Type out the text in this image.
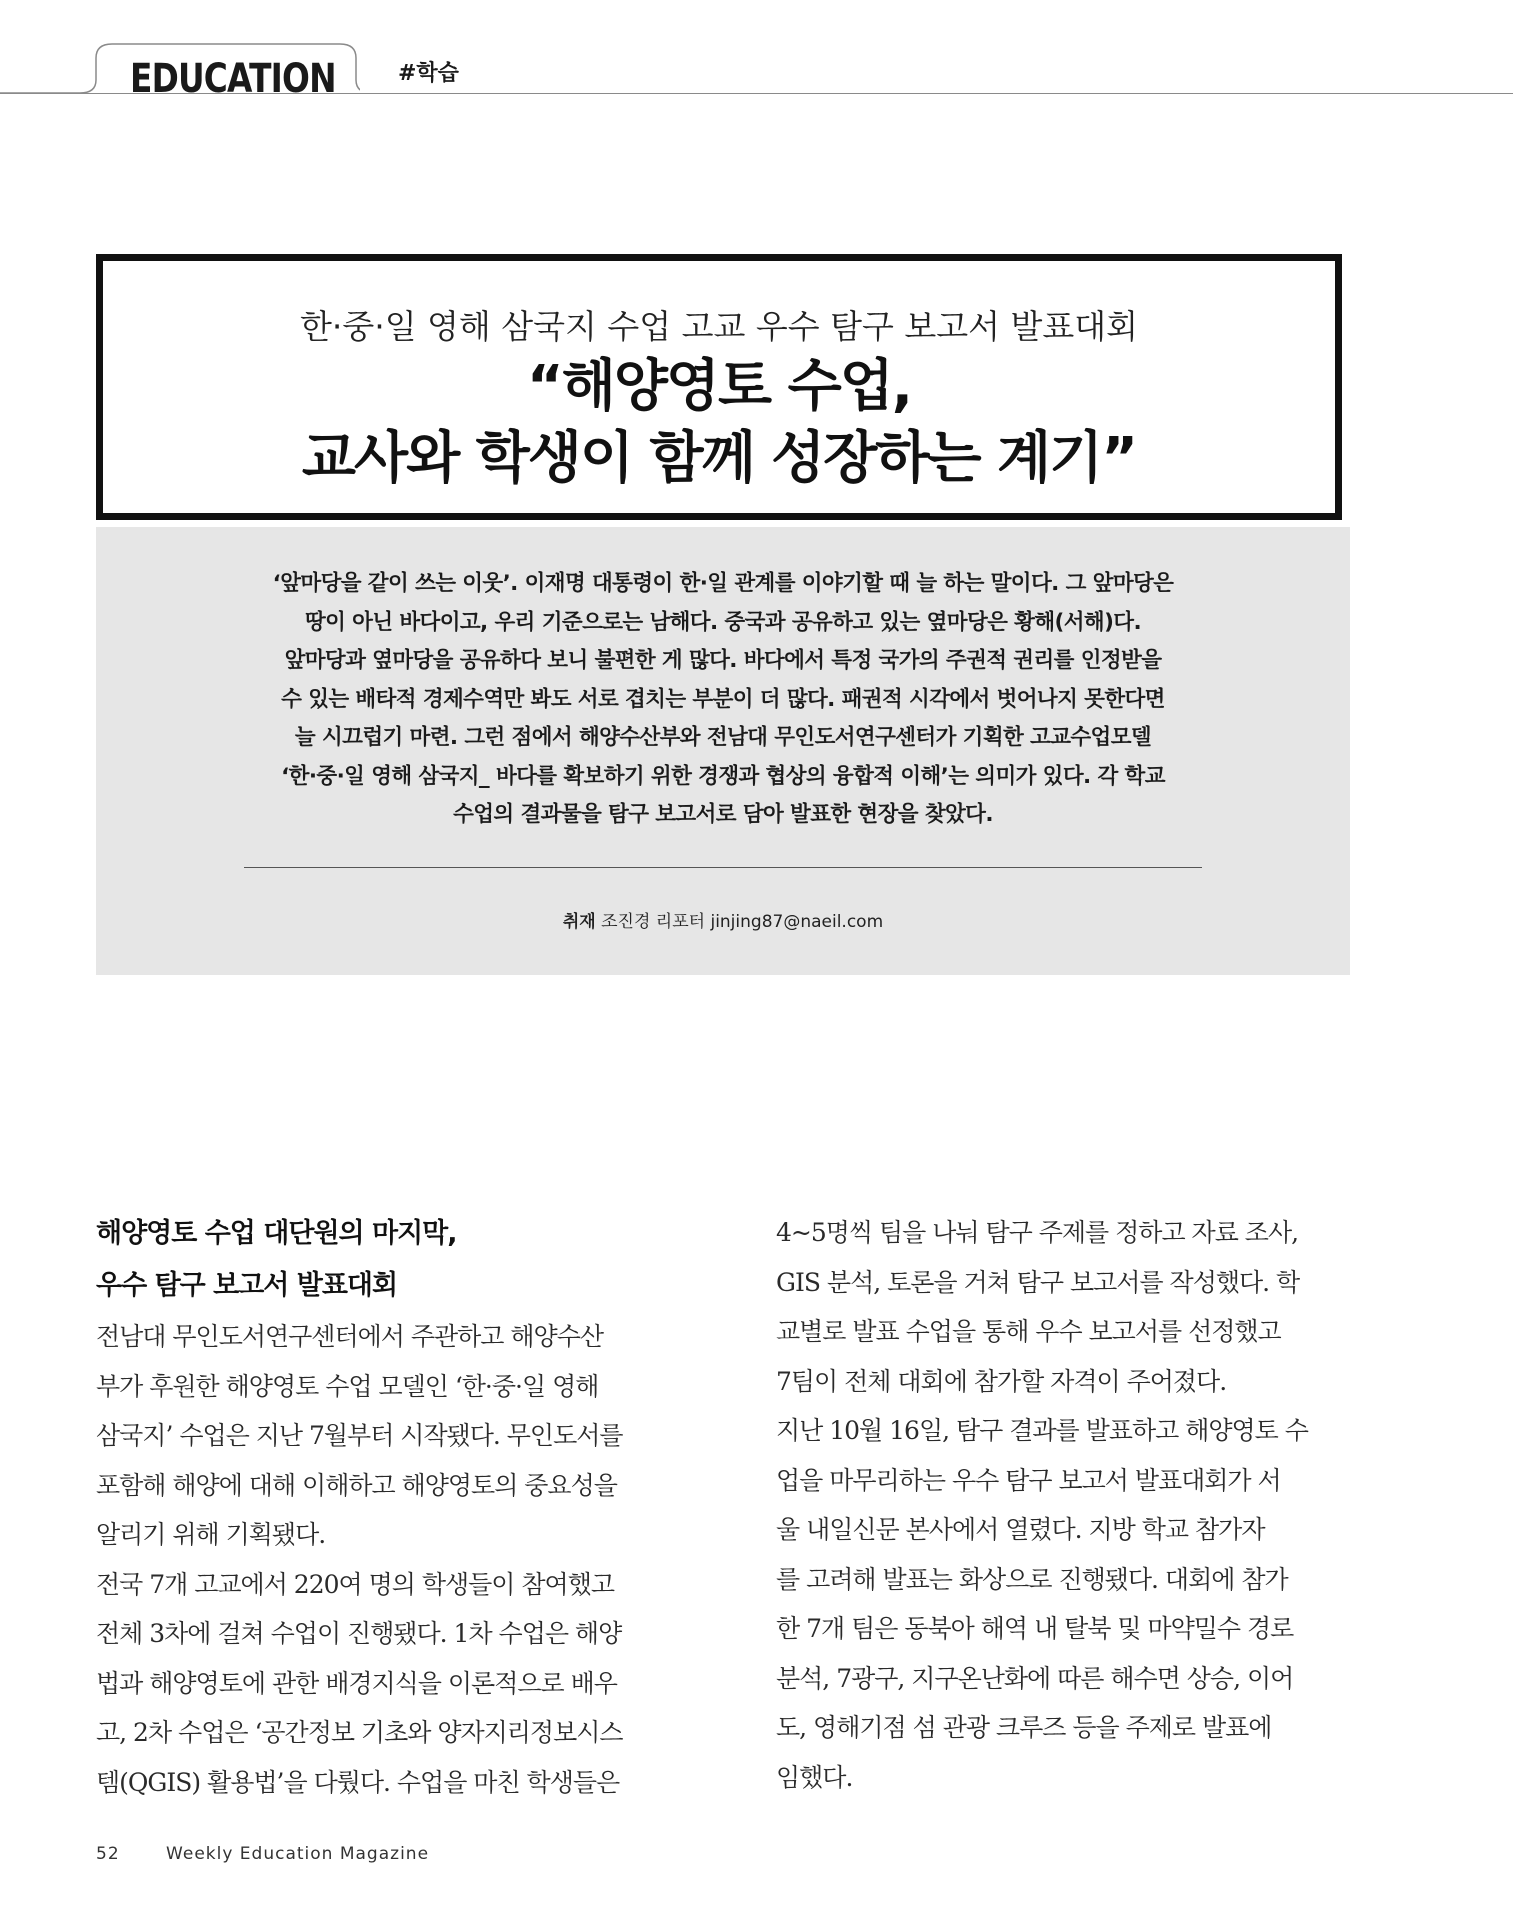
EDUCATION	#학습
한·중·일 영해 삼국지 수업 고교 우수 탐구 보고서 발표대회
“해양영토 수업,
교사와 학생이 함께 성장하는 계기”
‘앞마당을 같이 쓰는 이웃’. 이재명 대통령이 한·일 관계를 이야기할 때 늘 하는 말이다. 그 앞마당은
땅이 아닌 바다이고, 우리 기준으로는 남해다. 중국과 공유하고 있는 옆마당은 황해(서해)다.
앞마당과 옆마당을 공유하다 보니 불편한 게 많다. 바다에서 특정 국가의 주권적 권리를 인정받을
수 있는 배타적 경제수역만 봐도 서로 겹치는 부분이 더 많다. 패권적 시각에서 벗어나지 못한다면
늘 시끄럽기 마련. 그런 점에서 해양수산부와 전남대 무인도서연구센터가 기획한 고교수업모델
‘한·중·일 영해 삼국지_ 바다를 확보하기 위한 경쟁과 협상의 융합적 이해’는 의미가 있다. 각 학교
수업의 결과물을 탐구 보고서로 담아 발표한 현장을 찾았다.
취재 조진경 리포터 jinjing87@naeil.com
해양영토 수업 대단원의 마지막,
우수 탐구 보고서 발표대회

전남대 무인도서연구센터에서 주관하고 해양수산
부가 후원한 해양영토 수업 모델인 ‘한·중·일 영해
삼국지’ 수업은 지난 7월부터 시작됐다. 무인도서를
포함해 해양에 대해 이해하고 해양영토의 중요성을
알리기 위해 기획됐다.

전국 7개 고교에서 220여 명의 학생들이 참여했고
전체 3차에 걸쳐 수업이 진행됐다. 1차 수업은 해양
법과 해양영토에 관한 배경지식을 이론적으로 배우
고, 2차 수업은 ‘공간정보 기초와 양자지리정보시스
템(QGIS) 활용법’을 다뤘다. 수업을 마친 학생들은

4~5명씩 팀을 나눠 탐구 주제를 정하고 자료 조사,
GIS 분석, 토론을 거쳐 탐구 보고서를 작성했다. 학
교별로 발표 수업을 통해 우수 보고서를 선정했고
7팀이 전체 대회에 참가할 자격이 주어졌다.

지난 10월 16일, 탐구 결과를 발표하고 해양영토 수
업을 마무리하는 우수 탐구 보고서 발표대회가 서
울 내일신문 본사에서 열렸다. 지방 학교 참가자
를 고려해 발표는 화상으로 진행됐다. 대회에 참가
한 7개 팀은 동북아 해역 내 탈북 및 마약밀수 경로
분석, 7광구, 지구온난화에 따른 해수면 상승, 이어
도, 영해기점 섬 관광 크루즈 등을 주제로 발표에
임했다.

52	Weekly Education Magazine
